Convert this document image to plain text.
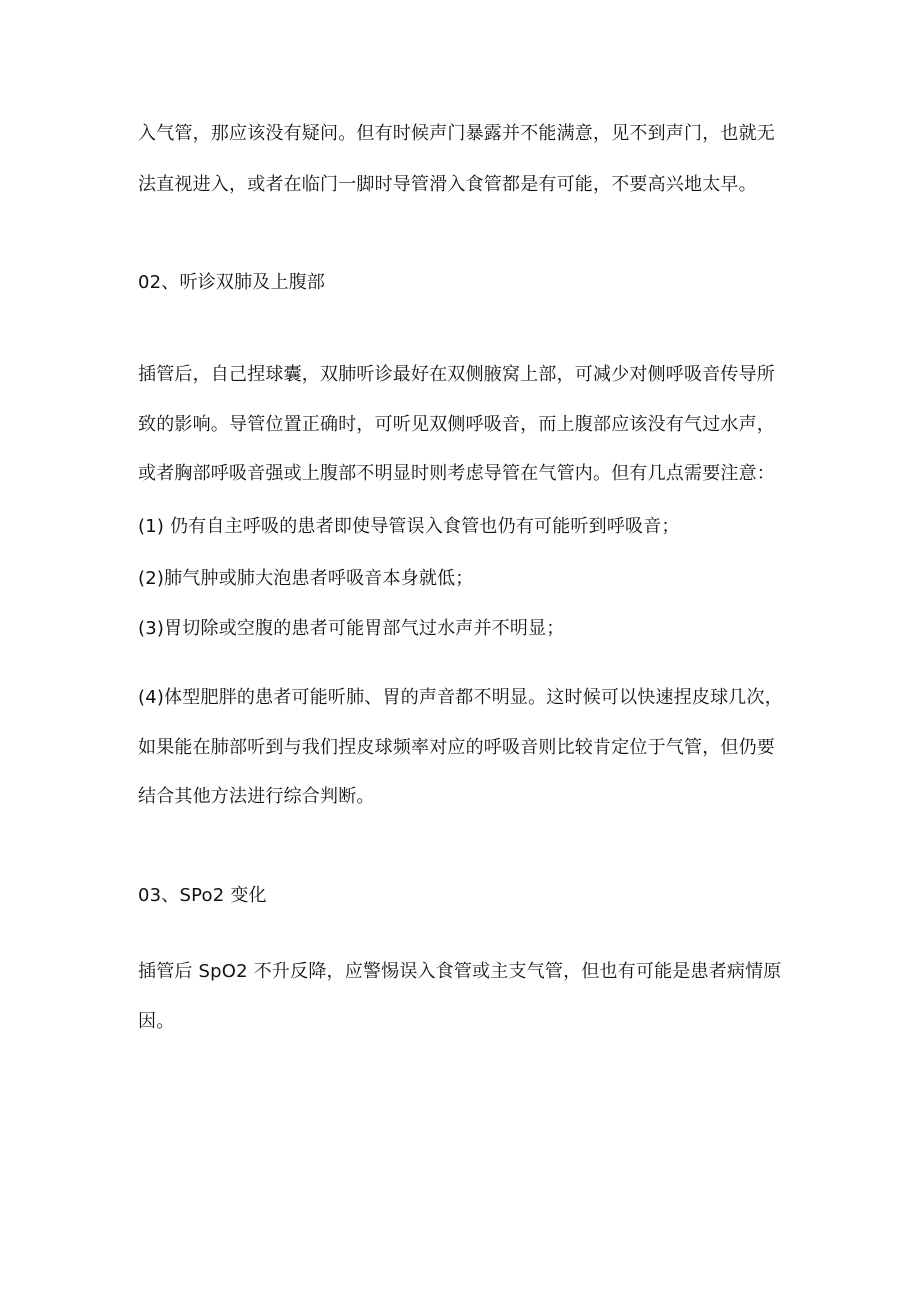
入气管，那应该没有疑问。但有时候声门暴露并不能满意，见不到声门，也就无
法直视进入，或者在临门一脚时导管滑入食管都是有可能，不要高兴地太早。
02、听诊双肺及上腹部
插管后，自己捏球囊，双肺听诊最好在双侧腋窝上部，可减少对侧呼吸音传导所
致的影响。导管位置正确时，可听见双侧呼吸音，而上腹部应该没有气过水声，
或者胸部呼吸音强或上腹部不明显时则考虑导管在气管内。但有几点需要注意：
(1) 仍有自主呼吸的患者即使导管误入食管也仍有可能听到呼吸音；
(2)肺气肿或肺大泡患者呼吸音本身就低；
(3)胃切除或空腹的患者可能胃部气过水声并不明显；
(4)体型肥胖的患者可能听肺、胃的声音都不明显。这时候可以快速捏皮球几次，
如果能在肺部听到与我们捏皮球频率对应的呼吸音则比较肯定位于气管，但仍要
结合其他方法进行综合判断。
03、SPo2 变化
插管后 SpO2 不升反降，应警惕误入食管或主支气管，但也有可能是患者病情原
因。
